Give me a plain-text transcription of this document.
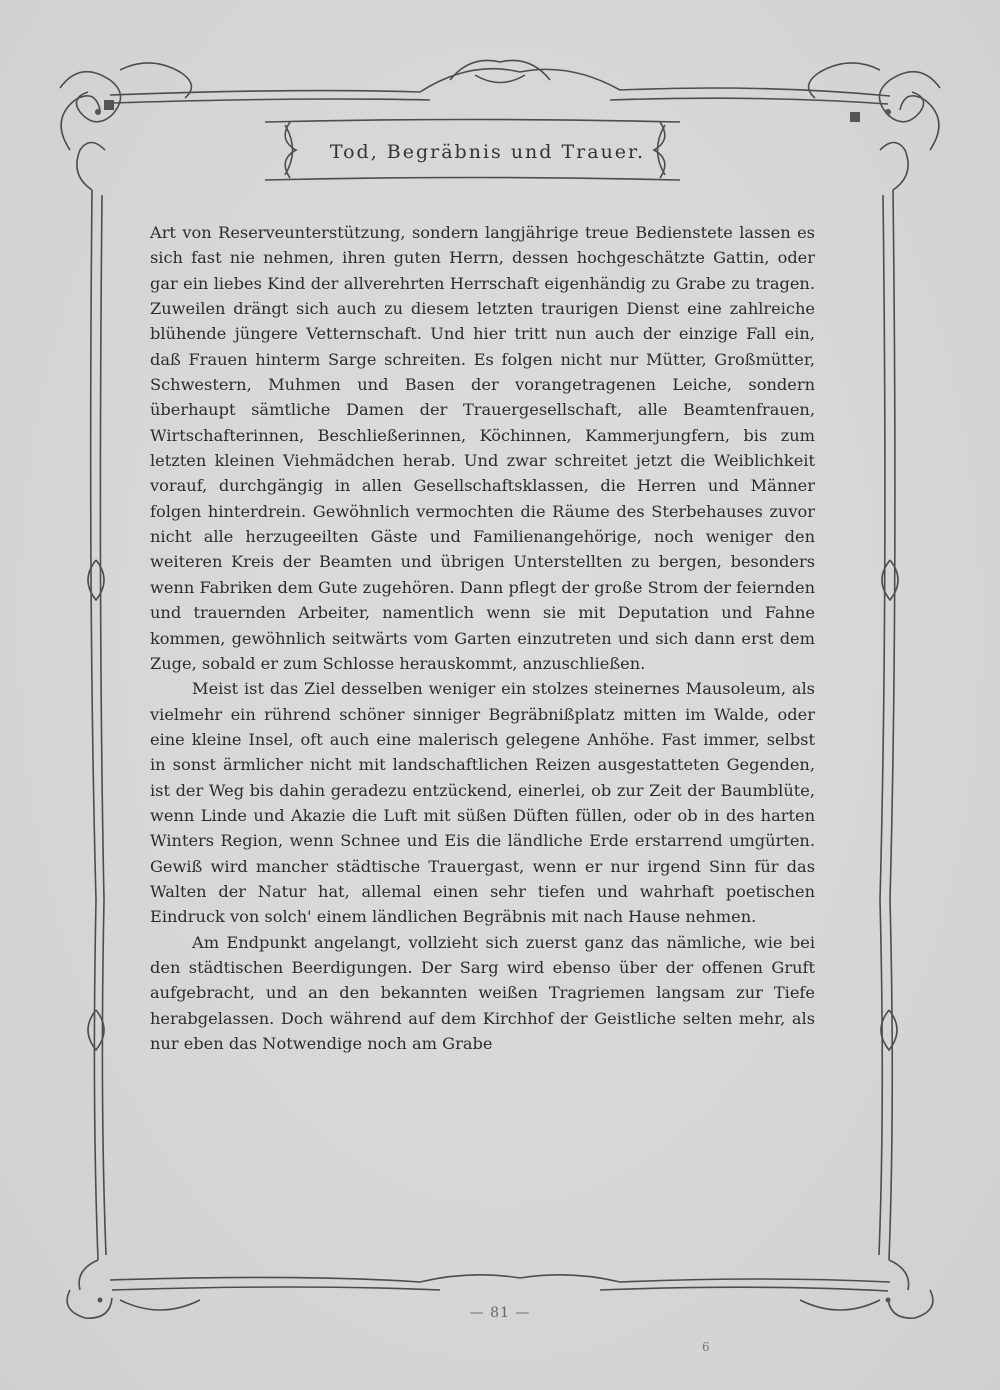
Tod, Begräbnis und Trauer.

Art von Reserveunterstützung, sondern langjährige treue Bedienstete lassen es sich fast nie nehmen, ihren guten Herrn, dessen hochgeschätzte Gattin, oder gar ein liebes Kind der allverehrten Herrschaft eigenhändig zu Grabe zu tragen. Zuweilen drängt sich auch zu diesem letzten traurigen Dienst eine zahlreiche blühende jüngere Vetternschaft. Und hier tritt nun auch der einzige Fall ein, daß Frauen hinterm Sarge schreiten. Es folgen nicht nur Mütter, Großmütter, Schwestern, Muhmen und Basen der vorangetragenen Leiche, sondern überhaupt sämtliche Damen der Trauergesellschaft, alle Beamtenfrauen, Wirtschafterinnen, Beschließerinnen, Köchinnen, Kammerjungfern, bis zum letzten kleinen Viehmädchen herab. Und zwar schreitet jetzt die Weiblichkeit vorauf, durchgängig in allen Gesellschaftsklassen, die Herren und Männer folgen hinterdrein. Gewöhnlich vermochten die Räume des Sterbehauses zuvor nicht alle herzugeeilten Gäste und Familienangehörige, noch weniger den weiteren Kreis der Beamten und übrigen Unterstellten zu bergen, besonders wenn Fabriken dem Gute zugehören. Dann pflegt der große Strom der feiernden und trauernden Arbeiter, namentlich wenn sie mit Deputation und Fahne kommen, gewöhnlich seitwärts vom Garten einzutreten und sich dann erst dem Zuge, sobald er zum Schlosse herauskommt, anzuschließen.

Meist ist das Ziel desselben weniger ein stolzes steinernes Mausoleum, als vielmehr ein rührend schöner sinniger Begräbnißplatz mitten im Walde, oder eine kleine Insel, oft auch eine malerisch gelegene Anhöhe. Fast immer, selbst in sonst ärmlicher nicht mit landschaftlichen Reizen ausgestatteten Gegenden, ist der Weg bis dahin geradezu entzückend, einerlei, ob zur Zeit der Baumblüte, wenn Linde und Akazie die Luft mit süßen Düften füllen, oder ob in des harten Winters Region, wenn Schnee und Eis die ländliche Erde erstarrend umgürten. Gewiß wird mancher städtische Trauergast, wenn er nur irgend Sinn für das Walten der Natur hat, allemal einen sehr tiefen und wahrhaft poetischen Eindruck von solch' einem ländlichen Begräbnis mit nach Hause nehmen.

Am Endpunkt angelangt, vollzieht sich zuerst ganz das nämliche, wie bei den städtischen Beerdigungen. Der Sarg wird ebenso über der offenen Gruft aufgebracht, und an den bekannten weißen Tragriemen langsam zur Tiefe herabgelassen. Doch während auf dem Kirchhof der Geistliche selten mehr, als nur eben das Notwendige noch am Grabe

— 81 —
6
